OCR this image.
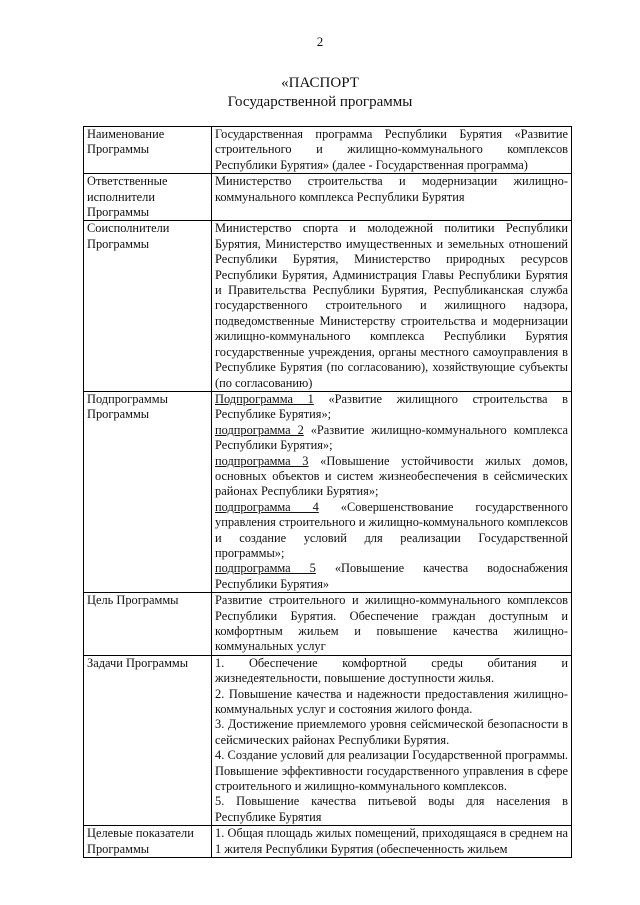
2
«ПАСПОРТ
Государственной программы
Наименование Программы	Государственная программа Республики Бурятия «Развитие строительного и жилищно-коммунального комплексов Республики Бурятия» (далее - Государственная программа)
Ответственные исполнители Программы	Министерство строительства и модернизации жилищно-коммунального комплекса Республики Бурятия
Соисполнители Программы	Министерство спорта и молодежной политики Республики Бурятия, Министерство имущественных и земельных отношений Республики Бурятия, Министерство природных ресурсов Республики Бурятия, Администрация Главы Республики Бурятия и Правительства Республики Бурятия, Республиканская служба государственного строительного и жилищного надзора, подведомственные Министерству строительства и модернизации жилищно-коммунального комплекса Республики Бурятия государственные учреждения, органы местного самоуправления в Республике Бурятия (по согласованию), хозяйствующие субъекты (по согласованию)
Подпрограммы Программы	Подпрограмма 1 «Развитие жилищного строительства в Республике Бурятия»;

подпрограмма 2 «Развитие жилищно-коммунального комплекса Республики Бурятия»;

подпрограмма 3 «Повышение устойчивости жилых домов, основных объектов и систем жизнеобеспечения в сейсмических районах Республики Бурятия»;

подпрограмма 4 «Совершенствование государственного управления строительного и жилищно-коммунального комплексов и создание условий для реализации Государственной программы»;

подпрограмма 5 «Повышение качества водоснабжения Республики Бурятия»

Цель Программы	Развитие строительного и жилищно-коммунального комплексов Республики Бурятия. Обеспечение граждан доступным и комфортным жильем и повышение качества жилищно-коммунальных услуг
Задачи Программы	1. Обеспечение комфортной среды обитания и жизнедеятельности, повышение доступности жилья.

2. Повышение качества и надежности предоставления жилищно-коммунальных услуг и состояния жилого фонда.

3. Достижение приемлемого уровня сейсмической безопасности в сейсмических районах Республики Бурятия.

4. Создание условий для реализации Государственной программы. Повышение эффективности государственного управления в сфере строительного и жилищно-коммунального комплексов.

5. Повышение качества питьевой воды для населения в Республике Бурятия

Целевые показатели Программы	1. Общая площадь жилых помещений, приходящаяся в среднем на 1 жителя Республики Бурятия (обеспеченность жильем
